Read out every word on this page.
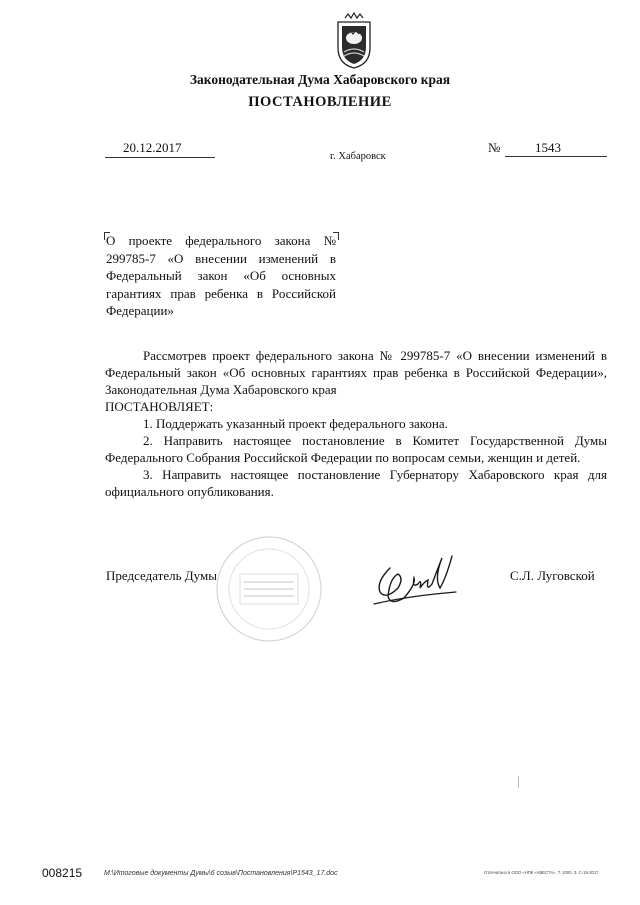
Законодательная Дума Хабаровского края
ПОСТАНОВЛЕНИЕ
20.12.2017
г. Хабаровск
№	1543
О проекте федерального закона № 299785-7 «О внесении изменений в Федеральный закон «Об основных гарантиях прав ребенка в Российской Федерации»

Рассмотрев проект федерального закона № 299785-7 «О внесении изменений в Федеральный закон «Об основных гарантиях прав ребенка в Российской Федерации», Законодательная Дума Хабаровского края

ПОСТАНОВЛЯЕТ:

1. Поддержать указанный проект федерального закона.

2. Направить настоящее постановление в Комитет Государственной Думы Федерального Собрания Российской Федерации по вопросам семьи, женщин и детей.

3. Направить настоящее постановление Губернатору Хабаровского края для официального опубликования.

Председатель Думы	С.Л. Луговской
008215	М:\Итоговые документы Думы\6 созыв\Постановления\Р1543_17.doc	Отпечатано в ООО «НПК «АВЕСТА». Т. 1000. З. С-15-2017.
